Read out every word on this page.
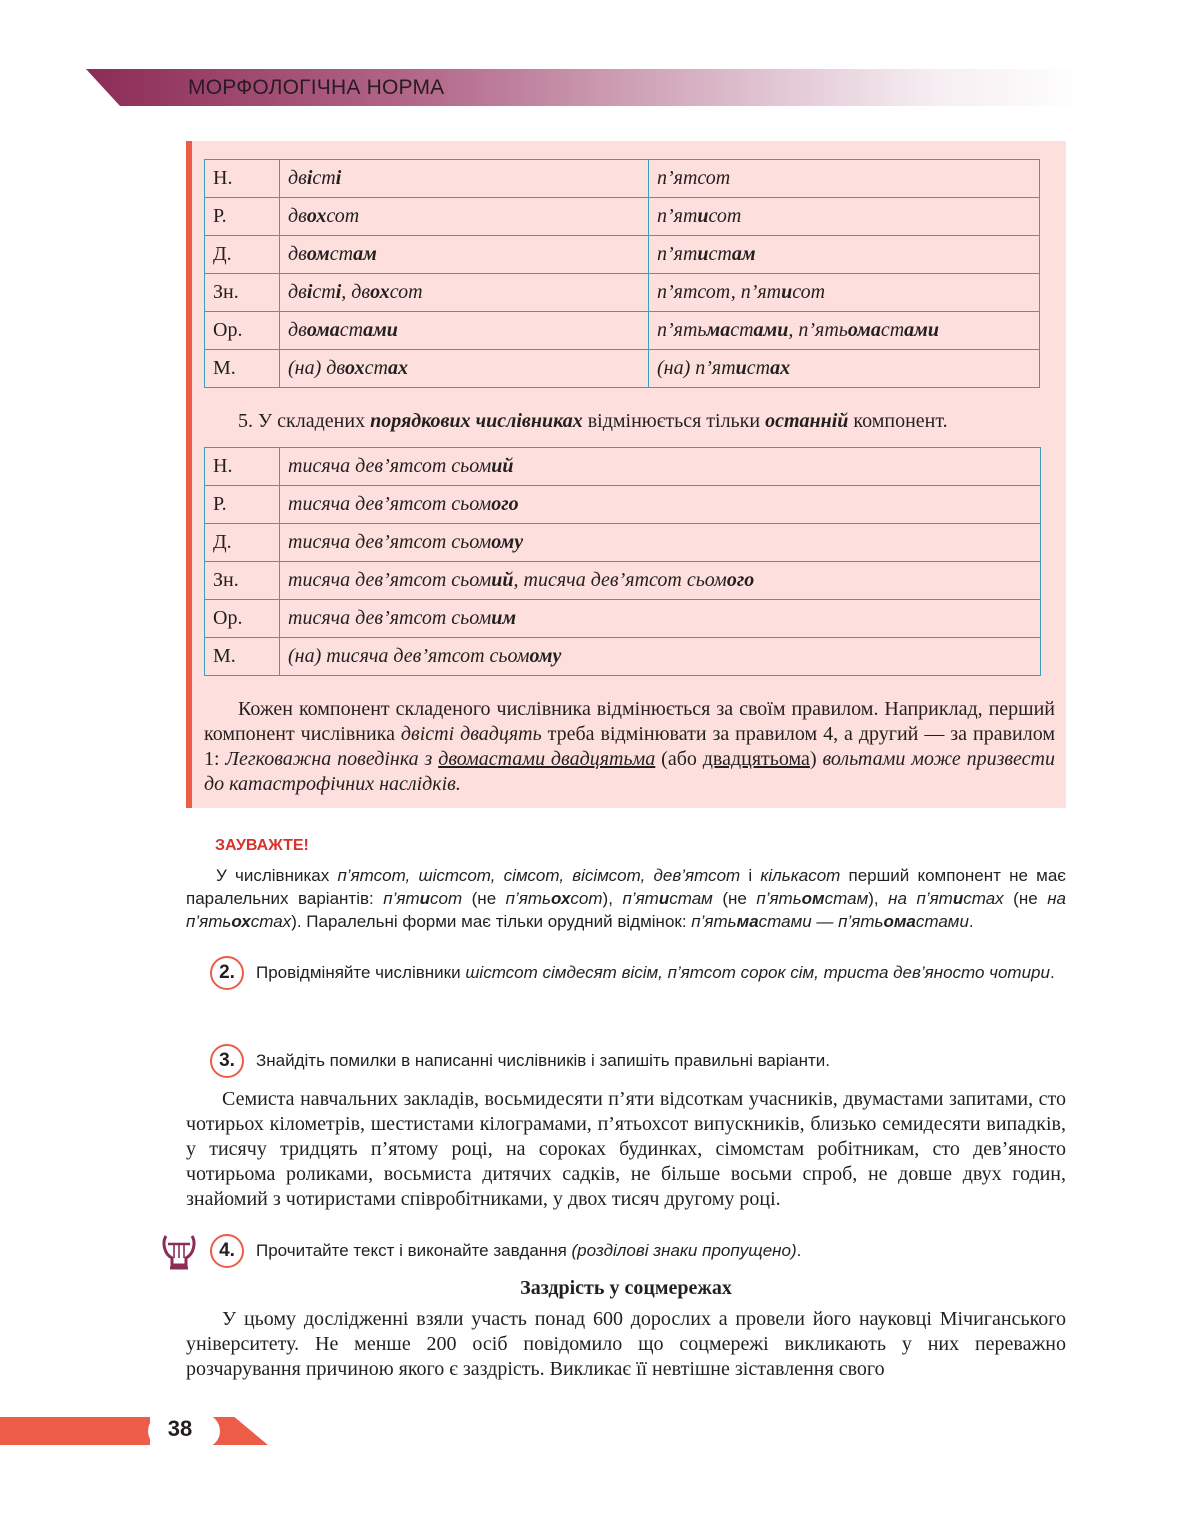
МОРФОЛОГІЧНА НОРМА
Н.	двісті	п’ятсот
Р.	двохсот	п’ятисот
Д.	двомстам	п’ятистам
Зн.	двісті, двохсот	п’ятсот, п’ятисот
Ор.	двомастами	п’ятьмастами, п’ятьомастами
М.	(на) двохстах	(на) п’ятистах
5. У складених порядкових числівниках відмінюється тільки останній компонент.
Н.	тисяча дев’ятсот сьомий
Р.	тисяча дев’ятсот сьомого
Д.	тисяча дев’ятсот сьомому
Зн.	тисяча дев’ятсот сьомий, тисяча дев’ятсот сьомого
Ор.	тисяча дев’ятсот сьомим
М.	(на) тисяча дев’ятсот сьомому
Кожен компонент складеного числівника відмінюється за своїм правилом. Наприклад, перший компонент числівника двісті двадцять треба відмінювати за правилом 4, а другий — за правилом 1: Легковажна поведінка з двомастами двадцятьма (або двадцятьома) вольтами може призвести до катастрофічних наслідків.
ЗАУВАЖТЕ!
У числівниках п’ятсот, шістсот, сімсот, вісімсот, дев’ятсот і кількасот перший компонент не має паралельних варіантів: п’ятисот (не п’ятьохсот), п’ятистам (не п’ятьомстам), на п’ятистах (не на п’ятьохстах). Паралельні форми має тільки орудний відмінок: п’ятьмастами — п’ятьомастами.
2.	Провідміняйте числівники шістсот сімдесят вісім, п’ятсот сорок сім, триста дев’яносто чотири.
3.	Знайдіть помилки в написанні числівників і запишіть правильні варіанти.
Семиста навчальних закладів, восьмидесяти п’яти відсоткам учасників, двумастами запитами, сто чотирьох кілометрів, шестистами кілограмами, п’ятьохсот випускників, близько семидесяти випадків, у тисячу тридцять п’ятому році, на сороках будинках, сімомстам робітникам, сто дев’яносто чотирьома роликами, восьмиста дитячих садків, не більше восьми спроб, не довше двух годин, знайомий з чотиристами співробітниками, у двох тисяч другому році.
4.	Прочитайте текст і виконайте завдання (розділові знаки пропущено).
Заздрість у соцмережах
У цьому дослідженні взяли участь понад 600 дорослих а провели його науковці Мічиганського університету. Не менше 200 осіб повідомило що соцмережі викликають у них переважно розчарування причиною якого є заздрість. Викликає її невтішне зіставлення свого
38
